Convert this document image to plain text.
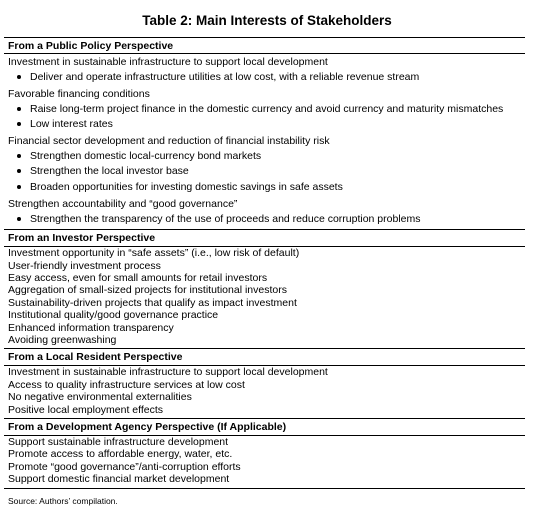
Table 2: Main Interests of Stakeholders
From a Public Policy Perspective
Investment in sustainable infrastructure to support local development
Deliver and operate infrastructure utilities at low cost, with a reliable revenue stream
Favorable financing conditions
Raise long-term project finance in the domestic currency and avoid currency and maturity mismatches
Low interest rates
Financial sector development and reduction of financial instability risk
Strengthen domestic local-currency bond markets
Strengthen the local investor base
Broaden opportunities for investing domestic savings in safe assets
Strengthen accountability and “good governance”
Strengthen the transparency of the use of proceeds and reduce corruption problems
From an Investor Perspective
Investment opportunity in “safe assets” (i.e., low risk of default)
User-friendly investment process
Easy access, even for small amounts for retail investors
Aggregation of small-sized projects for institutional investors
Sustainability-driven projects that qualify as impact investment
Institutional quality/good governance practice
Enhanced information transparency
Avoiding greenwashing
From a Local Resident Perspective
Investment in sustainable infrastructure to support local development
Access to quality infrastructure services at low cost
No negative environmental externalities
Positive local employment effects
From a Development Agency Perspective (If Applicable)
Support sustainable infrastructure development
Promote access to affordable energy, water, etc.
Promote “good governance”/anti-corruption efforts
Support domestic financial market development
Source: Authors’ compilation.
